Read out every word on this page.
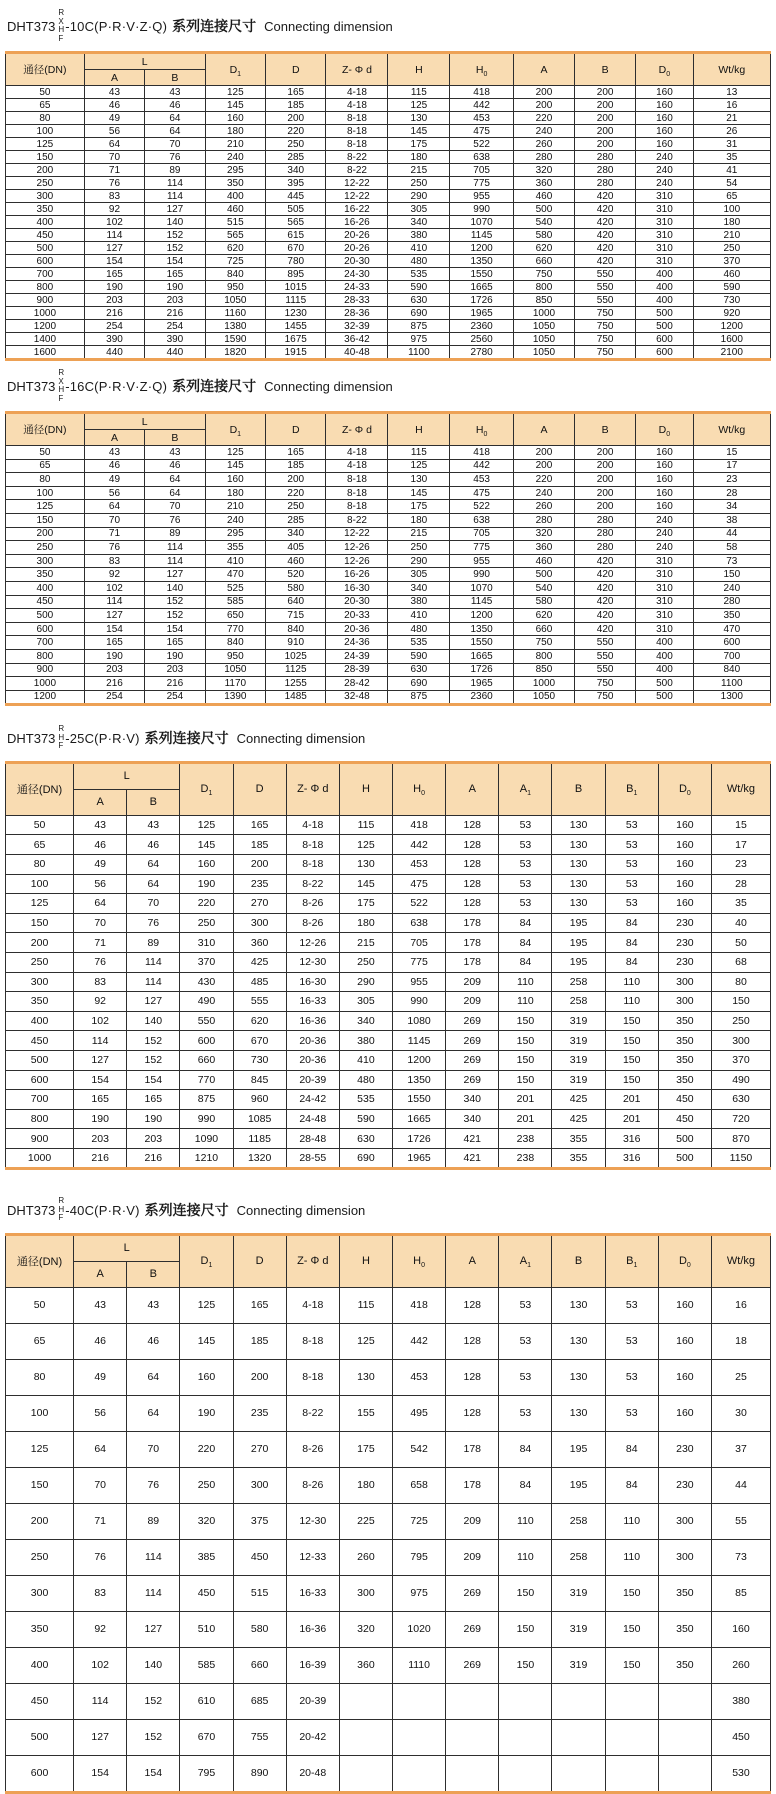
DHT373
R
X
H
F
-10C(P·R·V·Z·Q) 系列连接尺寸 Connecting dimension
通径(DN)	L		$D_1$	D	Z- Φ d	H	$H_0$	A	B	$D_0$	Wt/kg
	A	B									
50	43	43	125	165	4-18	115	418	200	200	160	13
65	46	46	145	185	4-18	125	442	200	200	160	16
80	49	64	160	200	8-18	130	453	220	200	160	21
100	56	64	180	220	8-18	145	475	240	200	160	26
125	64	70	210	250	8-18	175	522	260	200	160	31
150	70	76	240	285	8-22	180	638	280	280	240	35
200	71	89	295	340	8-22	215	705	320	280	240	41
250	76	114	350	395	12-22	250	775	360	280	240	54
300	83	114	400	445	12-22	290	955	460	420	310	65
350	92	127	460	505	16-22	305	990	500	420	310	100
400	102	140	515	565	16-26	340	1070	540	420	310	180
450	114	152	565	615	20-26	380	1145	580	420	310	210
500	127	152	620	670	20-26	410	1200	620	420	310	250
600	154	154	725	780	20-30	480	1350	660	420	310	370
700	165	165	840	895	24-30	535	1550	750	550	400	460
800	190	190	950	1015	24-33	590	1665	800	550	400	590
900	203	203	1050	1115	28-33	630	1726	850	550	400	730
1000	216	216	1160	1230	28-36	690	1965	1000	750	500	920
1200	254	254	1380	1455	32-39	875	2360	1050	750	500	1200
1400	390	390	1590	1675	36-42	975	2560	1050	750	600	1600
1600	440	440	1820	1915	40-48	1100	2780	1050	750	600	2100
DHT373
R
X
H
F
-16C(P·R·V·Z·Q) 系列连接尺寸 Connecting dimension
通径(DN)	L		$D_1$	D	Z- Φ d	H	$H_0$	A	B	$D_0$	Wt/kg
	A	B									
50	43	43	125	165	4-18	115	418	200	200	160	15
65	46	46	145	185	4-18	125	442	200	200	160	17
80	49	64	160	200	8-18	130	453	220	200	160	23
100	56	64	180	220	8-18	145	475	240	200	160	28
125	64	70	210	250	8-18	175	522	260	200	160	34
150	70	76	240	285	8-22	180	638	280	280	240	38
200	71	89	295	340	12-22	215	705	320	280	240	44
250	76	114	355	405	12-26	250	775	360	280	240	58
300	83	114	410	460	12-26	290	955	460	420	310	73
350	92	127	470	520	16-26	305	990	500	420	310	150
400	102	140	525	580	16-30	340	1070	540	420	310	240
450	114	152	585	640	20-30	380	1145	580	420	310	280
500	127	152	650	715	20-33	410	1200	620	420	310	350
600	154	154	770	840	20-36	480	1350	660	420	310	470
700	165	165	840	910	24-36	535	1550	750	550	400	600
800	190	190	950	1025	24-39	590	1665	800	550	400	700
900	203	203	1050	1125	28-39	630	1726	850	550	400	840
1000	216	216	1170	1255	28-42	690	1965	1000	750	500	1100
1200	254	254	1390	1485	32-48	875	2360	1050	750	500	1300
DHT373
R
H
F
-25C(P·R·V) 系列连接尺寸 Connecting dimension
通径(DN)	L		$D_1$	D	Z- Φ d	H	$H_0$	A	$A_1$	B	$B_1$	$D_0$	Wt/kg
	A	B											
50	43	43	125	165	4-18	115	418	128	53	130	53	160	15
65	46	46	145	185	8-18	125	442	128	53	130	53	160	17
80	49	64	160	200	8-18	130	453	128	53	130	53	160	23
100	56	64	190	235	8-22	145	475	128	53	130	53	160	28
125	64	70	220	270	8-26	175	522	128	53	130	53	160	35
150	70	76	250	300	8-26	180	638	178	84	195	84	230	40
200	71	89	310	360	12-26	215	705	178	84	195	84	230	50
250	76	114	370	425	12-30	250	775	178	84	195	84	230	68
300	83	114	430	485	16-30	290	955	209	110	258	110	300	80
350	92	127	490	555	16-33	305	990	209	110	258	110	300	150
400	102	140	550	620	16-36	340	1080	269	150	319	150	350	250
450	114	152	600	670	20-36	380	1145	269	150	319	150	350	300
500	127	152	660	730	20-36	410	1200	269	150	319	150	350	370
600	154	154	770	845	20-39	480	1350	269	150	319	150	350	490
700	165	165	875	960	24-42	535	1550	340	201	425	201	450	630
800	190	190	990	1085	24-48	590	1665	340	201	425	201	450	720
900	203	203	1090	1185	28-48	630	1726	421	238	355	316	500	870
1000	216	216	1210	1320	28-55	690	1965	421	238	355	316	500	1150
DHT373
R
H
F
-40C(P·R·V) 系列连接尺寸 Connecting dimension
通径(DN)	L		$D_1$	D	Z- Φ d	H	$H_0$	A	$A_1$	B	$B_1$	$D_0$	Wt/kg
	A	B											
50	43	43	125	165	4-18	115	418	128	53	130	53	160	16
65	46	46	145	185	8-18	125	442	128	53	130	53	160	18
80	49	64	160	200	8-18	130	453	128	53	130	53	160	25
100	56	64	190	235	8-22	155	495	128	53	130	53	160	30
125	64	70	220	270	8-26	175	542	178	84	195	84	230	37
150	70	76	250	300	8-26	180	658	178	84	195	84	230	44
200	71	89	320	375	12-30	225	725	209	110	258	110	300	55
250	76	114	385	450	12-33	260	795	209	110	258	110	300	73
300	83	114	450	515	16-33	300	975	269	150	319	150	350	85
350	92	127	510	580	16-36	320	1020	269	150	319	150	350	160
400	102	140	585	660	16-39	360	1110	269	150	319	150	350	260
450	114	152	610	685	20-39								380
500	127	152	670	755	20-42								450
600	154	154	795	890	20-48								530
